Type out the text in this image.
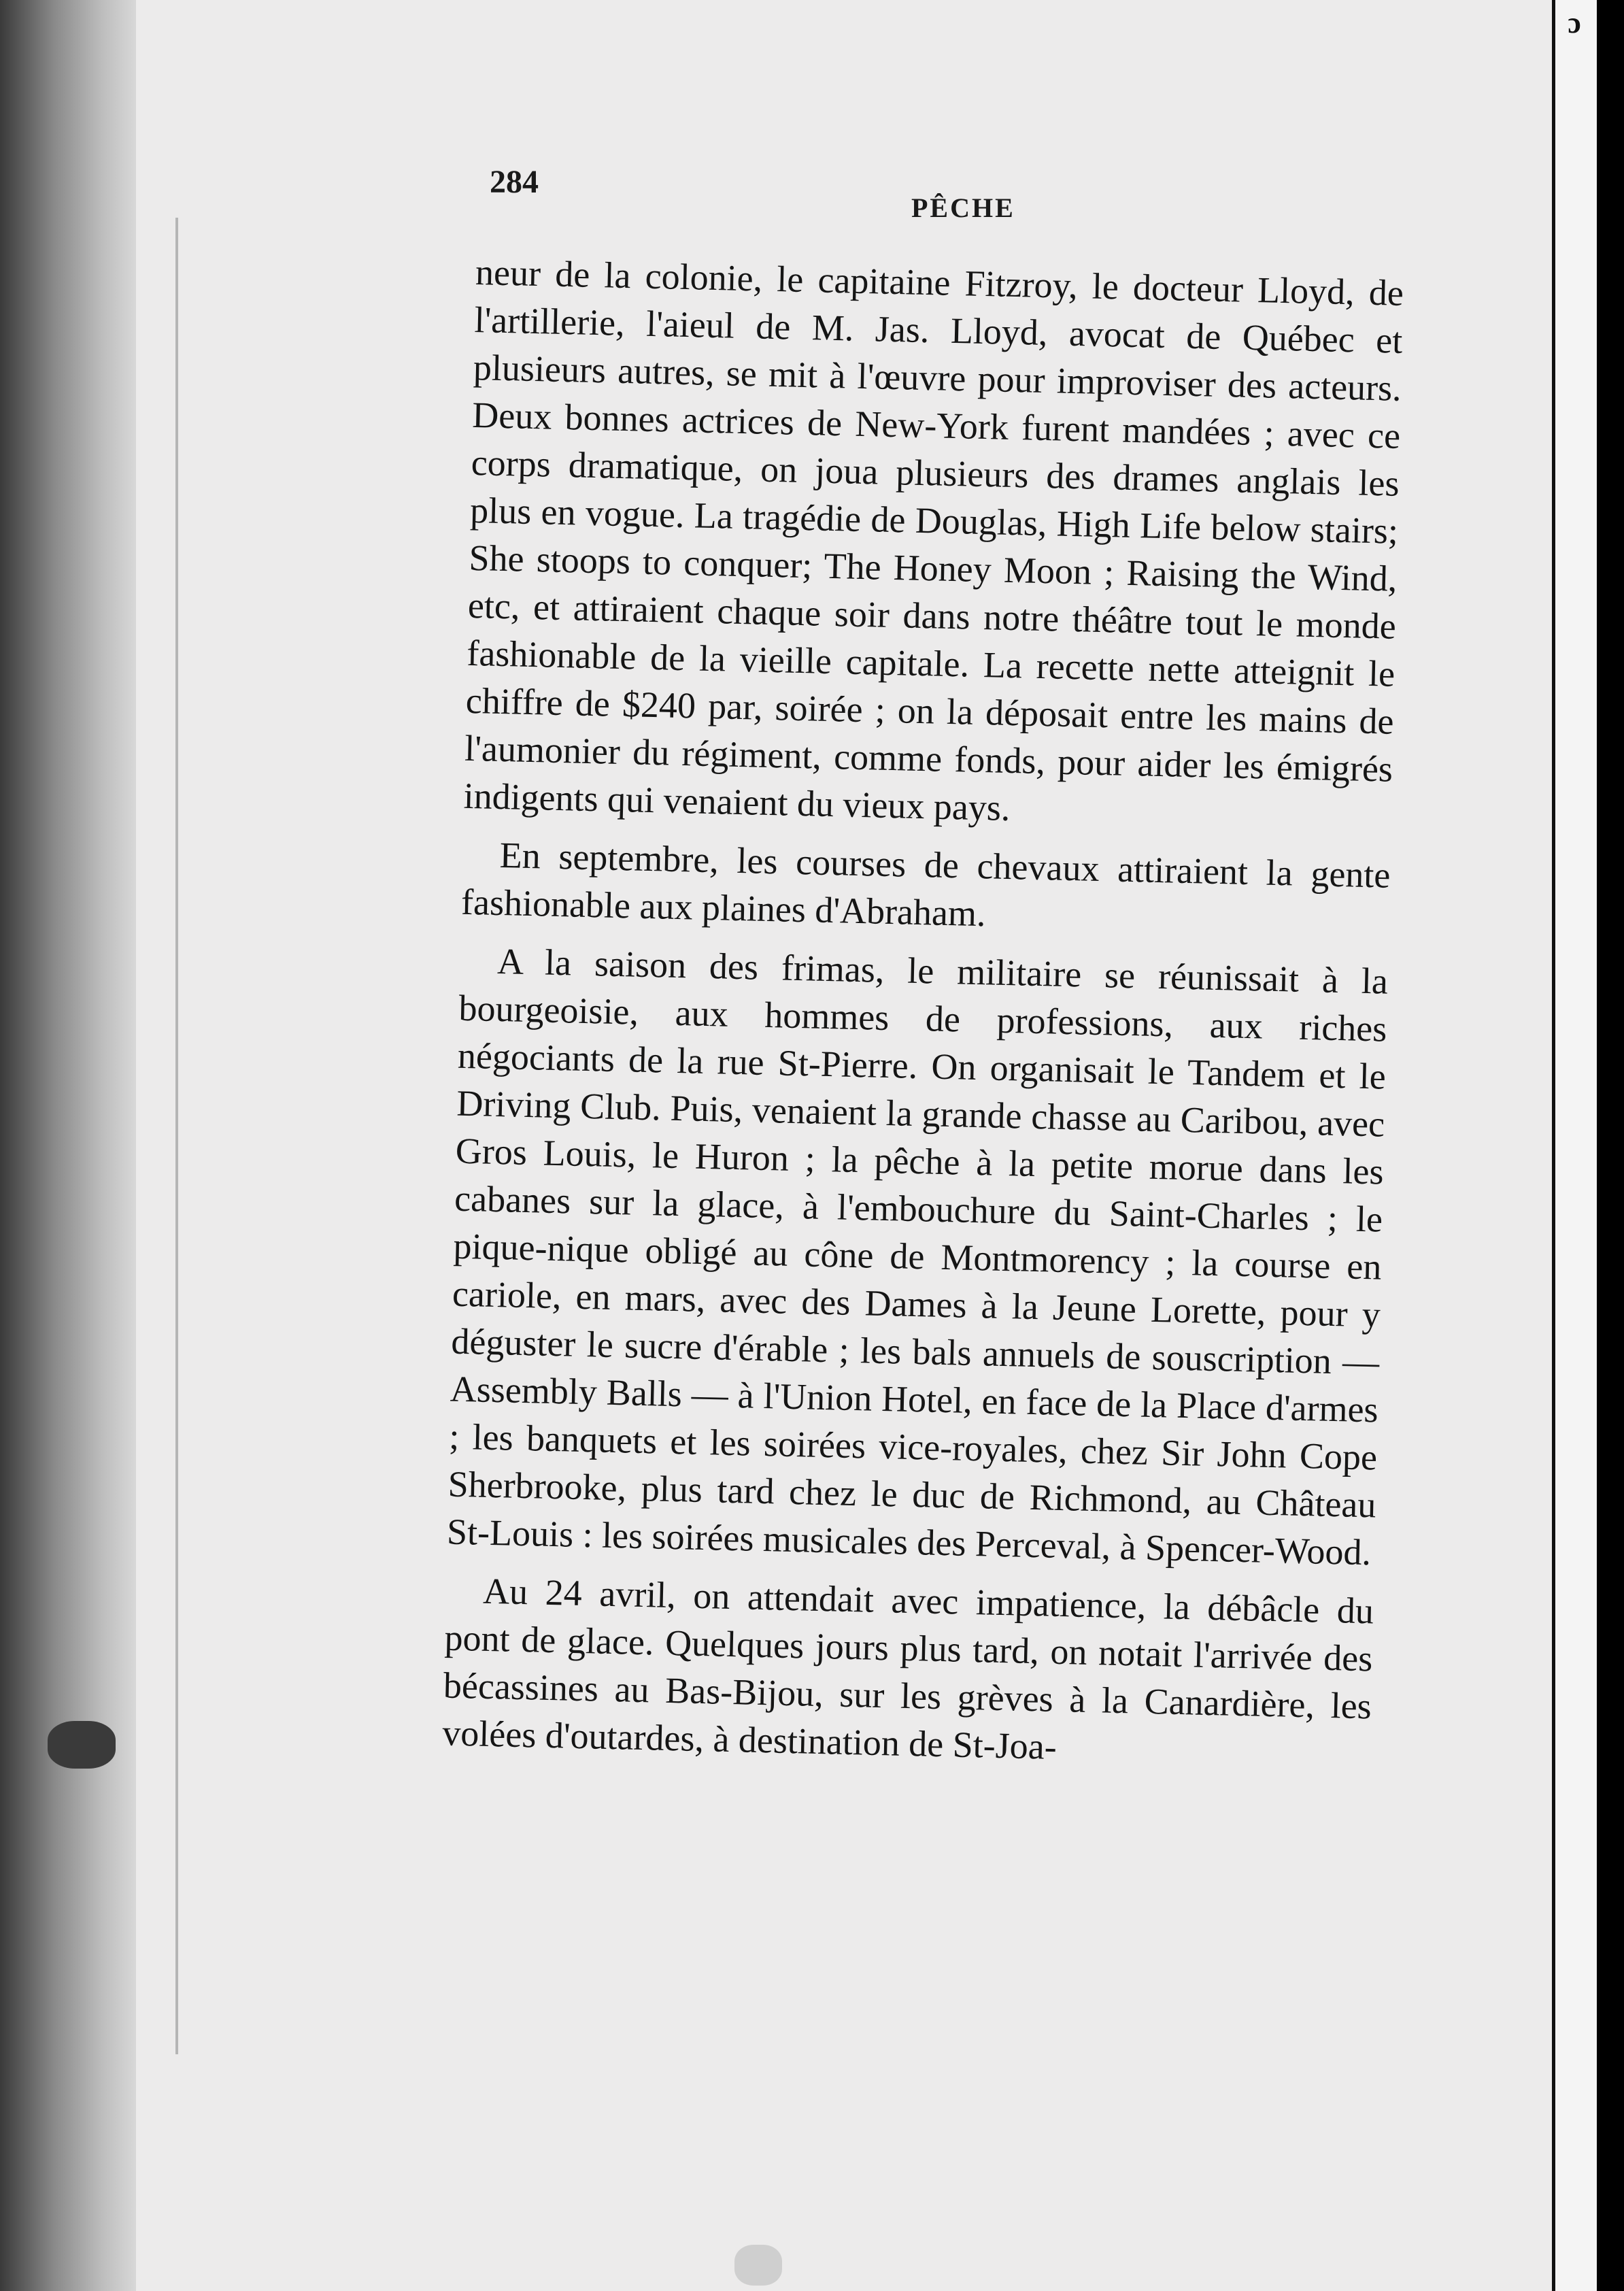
ɔ
284
PÊCHE

neur de la colonie, le capitaine Fitzroy, le docteur Lloyd, de l'artillerie, l'aieul de M. Jas. Lloyd, avocat de Québec et plusieurs autres, se mit à l'œuvre pour improviser des acteurs. Deux bonnes actrices de New-York furent mandées ; avec ce corps dramatique, on joua plusieurs des drames anglais les plus en vogue. La tragédie de Douglas, High Life below stairs; She stoops to conquer; The Honey Moon ; Raising the Wind, etc, et attiraient chaque soir dans notre théâtre tout le monde fashionable de la vieille capitale. La recette nette atteignit le chiffre de $240 par, soirée ; on la déposait entre les mains de l'aumonier du régiment, comme fonds, pour aider les émigrés indigents qui venaient du vieux pays.

En septembre, les courses de chevaux attiraient la gente fashionable aux plaines d'Abraham.

A la saison des frimas, le militaire se réunissait à la bourgeoisie, aux hommes de professions, aux riches négociants de la rue St-Pierre. On organisait le Tandem et le Driving Club. Puis, venaient la grande chasse au Caribou, avec Gros Louis, le Huron ; la pêche à la petite morue dans les cabanes sur la glace, à l'embouchure du Saint-Charles ; le pique-nique obligé au cône de Montmorency ; la course en cariole, en mars, avec des Dames à la Jeune Lorette, pour y déguster le sucre d'érable ; les bals annuels de souscription — Assembly Balls — à l'Union Hotel, en face de la Place d'armes ; les banquets et les soirées vice-royales, chez Sir John Cope Sherbrooke, plus tard chez le duc de Richmond, au Château St-Louis : les soirées musicales des Perceval, à Spencer-Wood.

Au 24 avril, on attendait avec impatience, la débâcle du pont de glace. Quelques jours plus tard, on notait l'arrivée des bécassines au Bas-Bijou, sur les grèves à la Canardière, les volées d'outardes, à destination de St-Joa-
